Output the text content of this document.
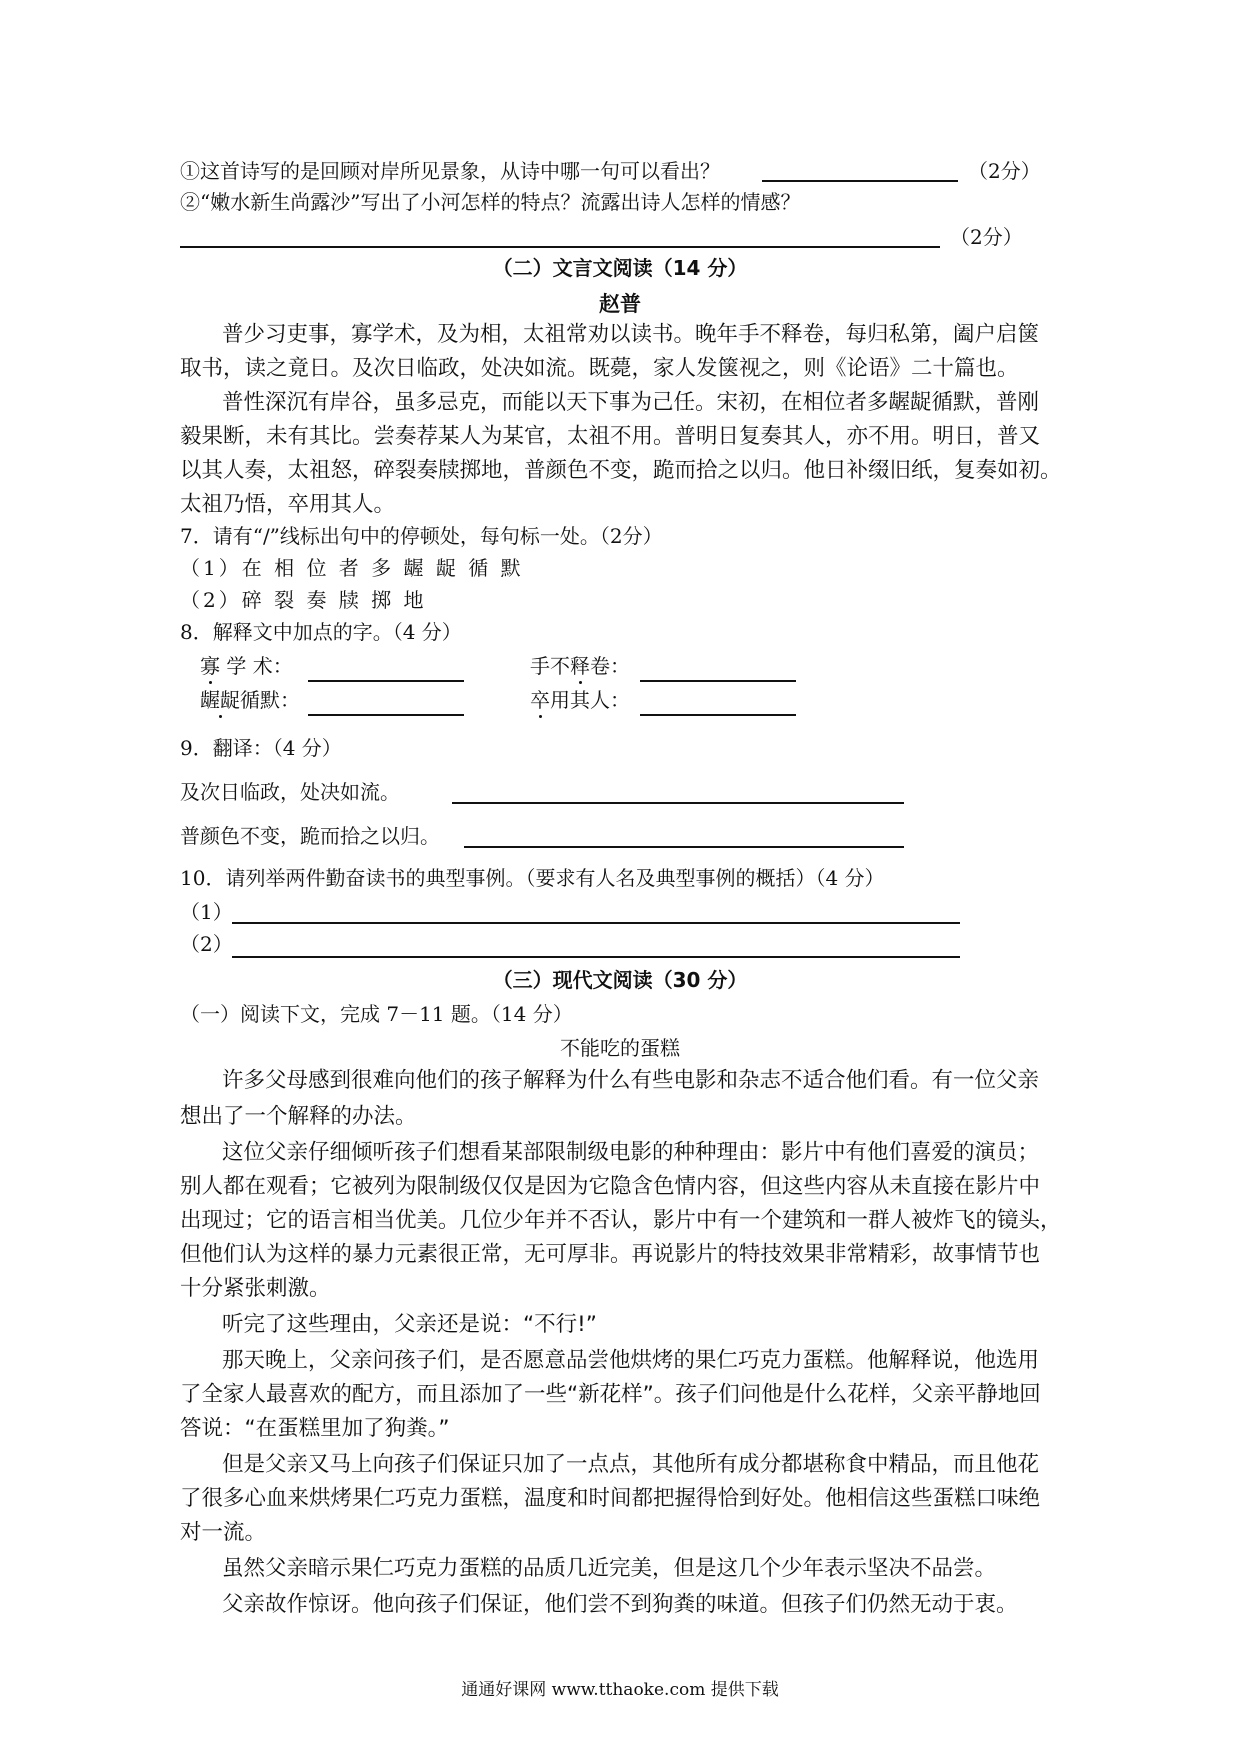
①这首诗写的是回顾对岸所见景象，从诗中哪一句可以看出？	（2分）
②“嫩水新生尚露沙”写出了小河怎样的特点？流露出诗人怎样的情感？
（2分）
（二）文言文阅读（14 分）
赵普
普少习吏事，寡学术，及为相，太祖常劝以读书。晚年手不释卷，每归私第，阖户启箧
取书，读之竟日。及次日临政，处决如流。既薨，家人发箧视之，则《论语》二十篇也。
普性深沉有岸谷，虽多忌克，而能以天下事为己任。宋初，在相位者多龌龊循默，普刚
毅果断，未有其比。尝奏荐某人为某官，太祖不用。普明日复奏其人，亦不用。明日，普又
以其人奏，太祖怒，碎裂奏牍掷地，普颜色不变，跪而拾之以归。他日补缀旧纸，复奏如初。
太祖乃悟，卒用其人。
7．请有“/”线标出句中的停顿处，每句标一处。（2分）
（1）在 相 位 者 多 龌 龊 循 默
（2）碎 裂 奏 牍 掷 地
8．解释文中加点的字。（4 分）
寡 学 术：	手不释卷：
龌龊循默：	卒用其人：
9．翻译：（4 分）
及次日临政，处决如流。
普颜色不变，跪而拾之以归。
10．请列举两件勤奋读书的典型事例。（要求有人名及典型事例的概括）（4 分）
（1）
（2）
（三）现代文阅读（30 分）
（一）阅读下文，完成 7－11 题。（14 分）
不能吃的蛋糕
许多父母感到很难向他们的孩子解释为什么有些电影和杂志不适合他们看。有一位父亲
想出了一个解释的办法。
这位父亲仔细倾听孩子们想看某部限制级电影的种种理由：影片中有他们喜爱的演员；
别人都在观看；它被列为限制级仅仅是因为它隐含色情内容，但这些内容从未直接在影片中
出现过；它的语言相当优美。几位少年并不否认，影片中有一个建筑和一群人被炸飞的镜头，
但他们认为这样的暴力元素很正常，无可厚非。再说影片的特技效果非常精彩，故事情节也
十分紧张刺激。
听完了这些理由，父亲还是说：“不行!”
那天晚上，父亲问孩子们，是否愿意品尝他烘烤的果仁巧克力蛋糕。他解释说，他选用
了全家人最喜欢的配方，而且添加了一些“新花样”。孩子们问他是什么花样，父亲平静地回
答说：“在蛋糕里加了狗粪。”
但是父亲又马上向孩子们保证只加了一点点，其他所有成分都堪称食中精品，而且他花
了很多心血来烘烤果仁巧克力蛋糕，温度和时间都把握得恰到好处。他相信这些蛋糕口味绝
对一流。
虽然父亲暗示果仁巧克力蛋糕的品质几近完美，但是这几个少年表示坚决不品尝。
父亲故作惊讶。他向孩子们保证，他们尝不到狗粪的味道。但孩子们仍然无动于衷。
通通好课网 www.tthaoke.com 提供下载
